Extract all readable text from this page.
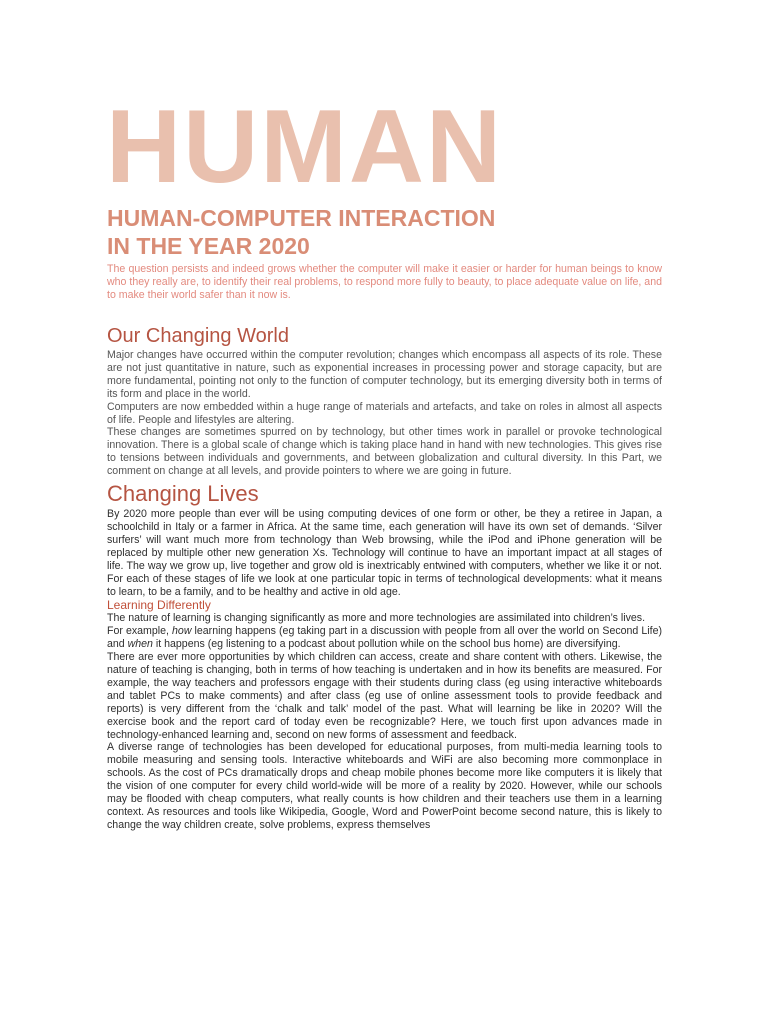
HUMAN
HUMAN-COMPUTER INTERACTION
IN THE YEAR 2020

The question persists and indeed grows whether the computer will make it easier or harder for human beings to know who they really are, to identify their real problems, to respond more fully to beauty, to place adequate value on life, and to make their world safer than it now is.

Our Changing World

Major changes have occurred within the computer revolution; changes which encompass all aspects of its role. These are not just quantitative in nature, such as exponential increases in processing power and storage capacity, but are more fundamental, pointing not only to the function of computer technology, but its emerging diversity both in terms of its form and place in the world.

Computers are now embedded within a huge range of materials and artefacts, and take on roles in almost all aspects of life. People and lifestyles are altering.

These changes are sometimes spurred on by technology, but other times work in parallel or provoke technological innovation. There is a global scale of change which is taking place hand in hand with new technologies. This gives rise to tensions between individuals and governments, and between globalization and cultural diversity. In this Part, we comment on change at all levels, and provide pointers to where we are going in future.

Changing Lives

By 2020 more people than ever will be using computing devices of one form or other, be they a retiree in Japan, a schoolchild in Italy or a farmer in Africa. At the same time, each generation will have its own set of demands. ‘Silver surfers’ will want much more from technology than Web browsing, while the iPod and iPhone generation will be replaced by multiple other new generation Xs. Technology will continue to have an important impact at all stages of life. The way we grow up, live together and grow old is inextricably entwined with computers, whether we like it or not. For each of these stages of life we look at one particular topic in terms of technological developments: what it means to learn, to be a family, and to be healthy and active in old age.

Learning Differently

The nature of learning is changing significantly as more and more technologies are assimilated into children’s lives.

For example, how learning happens (eg taking part in a discussion with people from all over the world on Second Life) and when it happens (eg listening to a podcast about pollution while on the school bus home) are diversifying.

There are ever more opportunities by which children can access, create and share content with others. Likewise, the nature of teaching is changing, both in terms of how teaching is undertaken and in how its benefits are measured. For example, the way teachers and professors engage with their students during class (eg using interactive whiteboards and tablet PCs to make comments) and after class (eg use of online assessment tools to provide feedback and reports) is very different from the ‘chalk and talk’ model of the past. What will learning be like in 2020? Will the exercise book and the report card of today even be recognizable? Here, we touch first upon advances made in technology-enhanced learning and, second on new forms of assessment and feedback.

A diverse range of technologies has been developed for educational purposes, from multi-media learning tools to mobile measuring and sensing tools. Interactive whiteboards and WiFi are also becoming more commonplace in schools. As the cost of PCs dramatically drops and cheap mobile phones become more like computers it is likely that the vision of one computer for every child world-wide will be more of a reality by 2020. However, while our schools may be flooded with cheap computers, what really counts is how children and their teachers use them in a learning context. As resources and tools like Wikipedia, Google, Word and PowerPoint become second nature, this is likely to change the way children create, solve problems, express themselves
